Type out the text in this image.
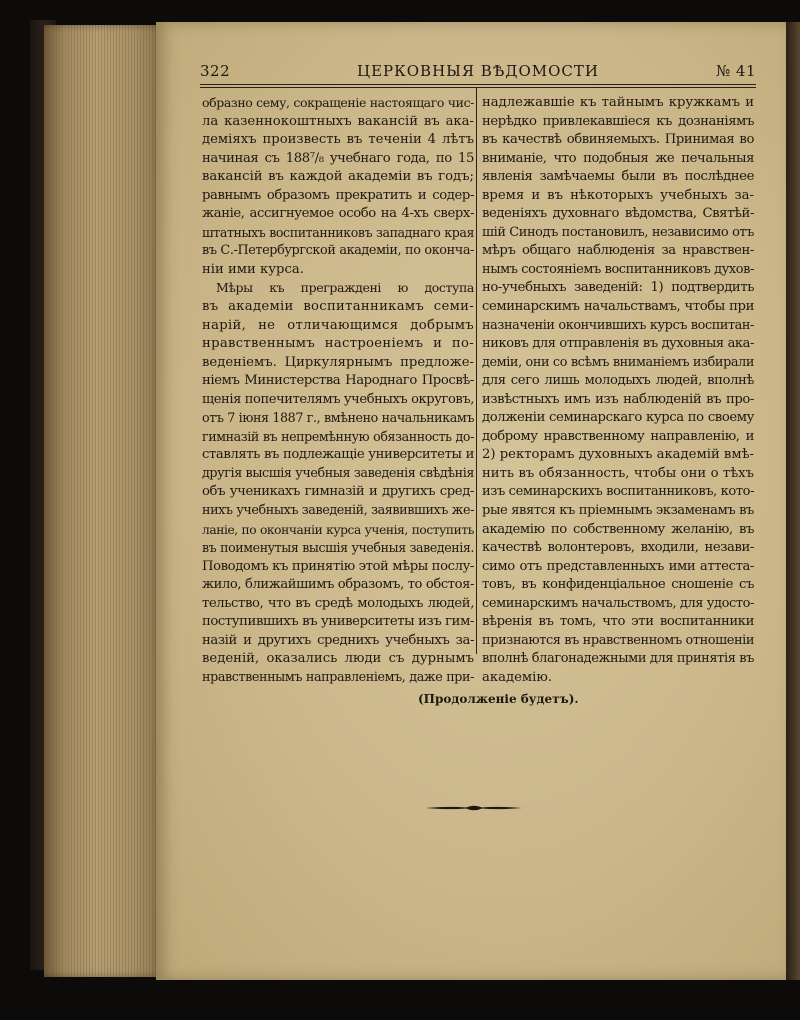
322	ЦЕРКОВНЫЯ ВѢДОМОСТИ	№ 41
образно сему, сокращеніе настоящаго чис-
ла казеннокоштныхъ вакансій въ ака-
деміяхъ произвесть въ теченіи 4 лѣтъ
начиная съ 188⁷/₈ учебнаго года, по 15
вакансій въ каждой академіи въ годъ;
равнымъ образомъ прекратить и содер-
жаніе, ассигнуемое особо на 4-хъ сверх-
штатныхъ воспитанниковъ западнаго края
въ С.-Петербургской академіи, по оконча-
ніи ими курса.
Мѣры къ преграждені ю доступа
въ академіи воспитанникамъ семи-
нарій, не отличающимся добрымъ
нравственнымъ настроеніемъ и по-
веденіемъ. Циркулярнымъ предложе-
ніемъ Министерства Народнаго Просвѣ-
щенія попечителямъ учебныхъ округовъ,
отъ 7 іюня 1887 г., вмѣнено начальникамъ
гимназій въ непремѣнную обязанность до-
ставлять въ подлежащіе университеты и
другія высшія учебныя заведенія свѣдѣнія
объ ученикахъ гимназій и другихъ сред-
нихъ учебныхъ заведеній, заявившихъ же-
ланіе, по окончаніи курса ученія, поступить
въ поименутыя высшія учебныя заведенія.
Поводомъ къ принятію этой мѣры послу-
жило, ближайшимъ образомъ, то обстоя-
тельство, что въ средѣ молодыхъ людей,
поступившихъ въ университеты изъ гим-
назій и другихъ среднихъ учебныхъ за-
веденій, оказались люди съ дурнымъ
нравственнымъ направленіемъ, даже при-
надлежавшіе къ тайнымъ кружкамъ и
нерѣдко привлекавшіеся къ дознаніямъ
въ качествѣ обвиняемыхъ. Принимая во
вниманіе, что подобныя же печальныя
явленія замѣчаемы были въ послѣднее
время и въ нѣкоторыхъ учебныхъ за-
веденіяхъ духовнаго вѣдомства, Святѣй-
шій Синодъ постановилъ, независимо отъ
мѣръ общаго наблюденія за нравствен-
нымъ состояніемъ воспитанниковъ духов-
но-учебныхъ заведеній: 1) подтвердить
семинарскимъ начальствамъ, чтобы при
назначеніи окончившихъ курсъ воспитан-
никовъ для отправленія въ духовныя ака-
деміи, они со всѣмъ вниманіемъ избирали
для сего лишь молодыхъ людей, вполнѣ
извѣстныхъ имъ изъ наблюденій въ про-
долженіи семинарскаго курса по своему
доброму нравственному направленію, и
2) ректорамъ духовныхъ академій вмѣ-
нить въ обязанность, чтобы они о тѣхъ
изъ семинарскихъ воспитанниковъ, кото-
рые явятся къ пріемнымъ экзаменамъ въ
академію по собственному желанію, въ
качествѣ волонтеровъ, входили, незави-
симо отъ представленныхъ ими аттеста-
товъ, въ конфиденціальное сношеніе съ
семинарскимъ начальствомъ, для удосто-
вѣренія въ томъ, что эти воспитанники
признаются въ нравственномъ отношеніи
вполнѣ благонадежными для принятія въ
академію.
(Продолженіе будетъ).
